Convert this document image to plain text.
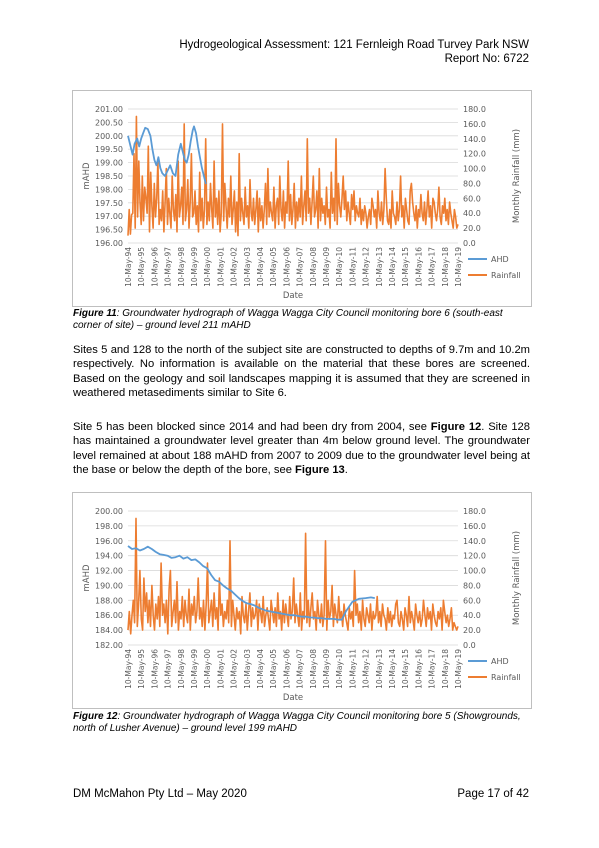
Hydrogeological Assessment: 121 Fernleigh Road Turvey Park NSW
Report No: 6722
196.00
196.50
197.00
197.50
198.00
198.50
199.00
199.50
200.00
200.50
201.00
0.0
20.0
40.0
60.0
80.0
100.0
120.0
140.0
160.0
180.0
10-May-94 10-May-95 10-May-96 10-May-97 10-May-98 10-May-99 10-May-00 10-May-01 10-May-02 10-May-03 10-May-04 10-May-05 10-May-06 10-May-07 10-May-08 10-May-09 10-May-10 10-May-11 10-May-12 10-May-13 10-May-14 10-May-15 10-May-16 10-May-17 10-May-18 10-May-19
Date
mAHD	Monthly Rainfall (mm)
AHD
Rainfall
Figure 11: Groundwater hydrograph of Wagga Wagga City Council monitoring bore 6 (south-east corner of site) – ground level 211 mAHD
Sites 5 and 128 to the north of the subject site are constructed to depths of 9.7m and 10.2m respectively. No information is available on the material that these bores are screened. Based on the geology and soil landscapes mapping it is assumed that they are screened in weathered metasediments similar to Site 6.
Site 5 has been blocked since 2014 and had been dry from 2004, see Figure 12. Site 128 has maintained a groundwater level greater than 4m below ground level. The groundwater level remained at about 188 mAHD from 2007 to 2009 due to the groundwater level being at the base or below the depth of the bore, see Figure 13.
182.00
184.00
186.00
188.00
190.00
192.00
194.00
196.00
198.00
200.00
0.0
20.0
40.0
60.0
80.0
100.0
120.0
140.0
160.0
180.0
10-May-94 10-May-95 10-May-96 10-May-97 10-May-98 10-May-99 10-May-00 10-May-01 10-May-02 10-May-03 10-May-04 10-May-05 10-May-06 10-May-07 10-May-08 10-May-09 10-May-10 10-May-11 10-May-12 10-May-13 10-May-14 10-May-15 10-May-16 10-May-17 10-May-18 10-May-19
Date
mAHD	Monthly Rainfall (mm)
AHD
Rainfall
Figure 12: Groundwater hydrograph of Wagga Wagga City Council monitoring bore 5 (Showgrounds, north of Lusher Avenue) – ground level 199 mAHD
DM McMahon Pty Ltd – May 2020	Page 17 of 42
